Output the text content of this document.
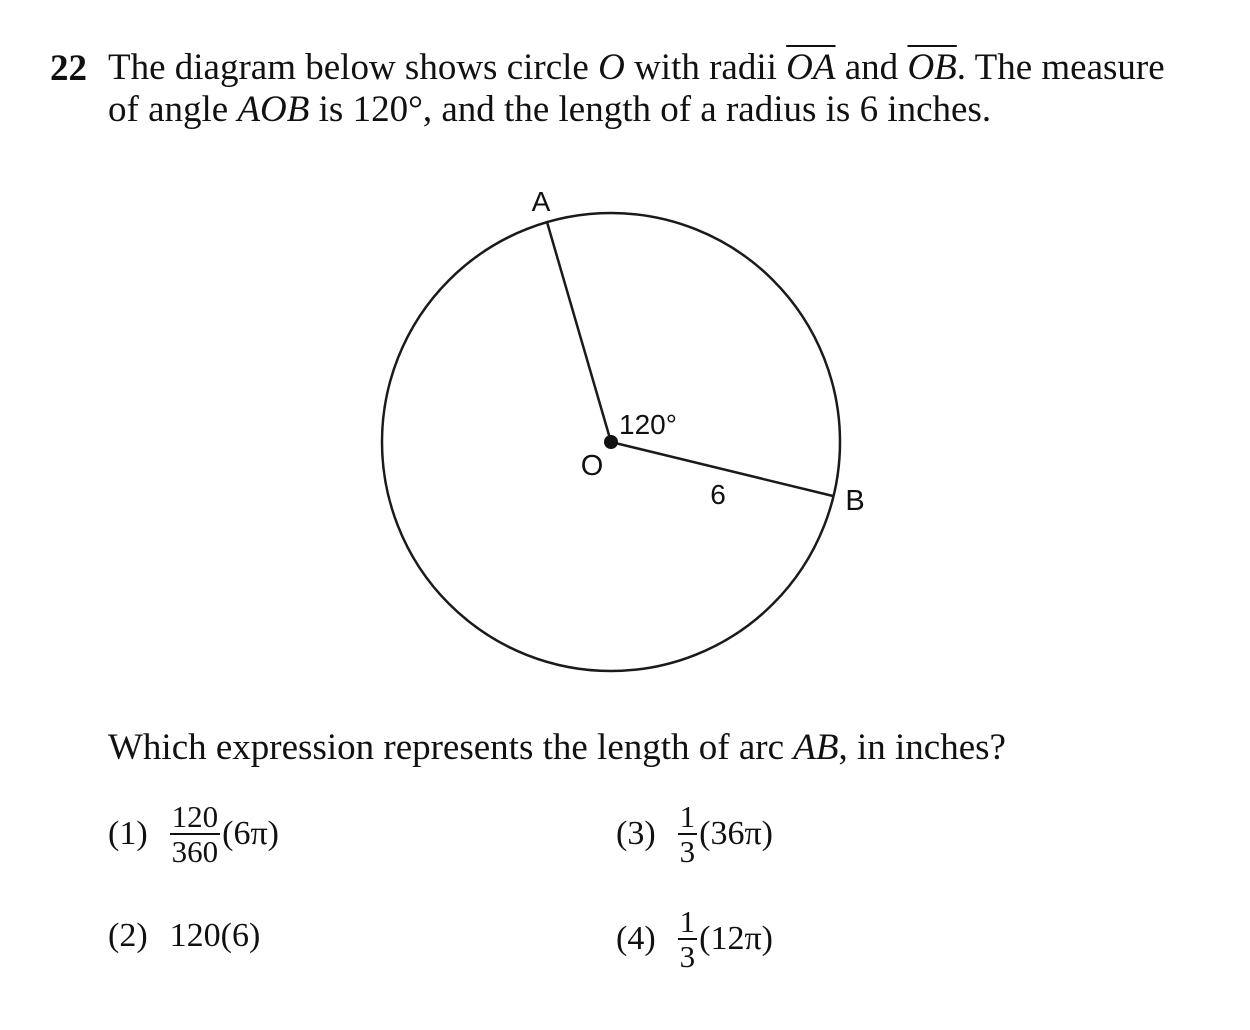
22 The diagram below shows circle O with radii $\overline{OA}$ and $\overline{OB}$. The measure
of angle AOB is 120°, and the length of a radius is 6 inches.
A
O
B
120°
6
Which expression represents the length of arc AB, in inches?
$(1) \frac{120}{360} (6\pi)$
(2) 120(6)
$(3) \frac{1}{3} (36\pi)$
$(4) \frac{1}{3} (12\pi)$
